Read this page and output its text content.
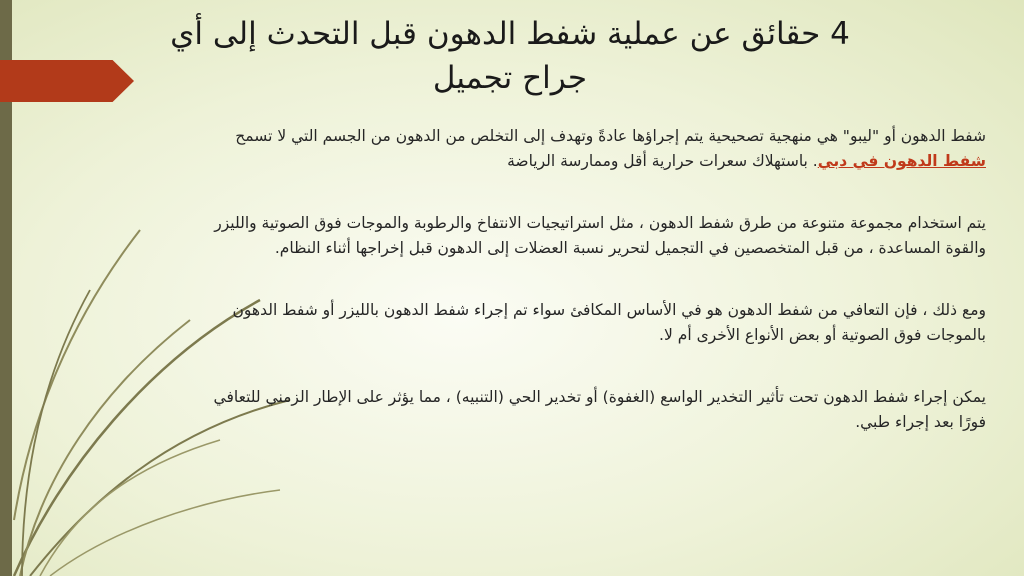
4 حقائق عن عملية شفط الدهون قبل التحدث إلى أي
جراح تجميل
شفط الدهون أو "ليبو" هي منهجية تصحيحية يتم إجراؤها عادةً وتهدف إلى التخلص من الدهون من الجسم التي لا تسمح
شفط الدهون في دبي. باستهلاك سعرات حرارية أقل وممارسة الرياضة
يتم استخدام مجموعة متنوعة من طرق شفط الدهون ، مثل استراتيجيات الانتفاخ والرطوبة والموجات فوق الصوتية والليزر
والقوة المساعدة ، من قبل المتخصصين في التجميل لتحرير نسبة العضلات إلى الدهون قبل إخراجها أثناء النظام.
ومع ذلك ، فإن التعافي من شفط الدهون هو في الأساس المكافئ سواء تم إجراء شفط الدهون بالليزر أو شفط الدهون
بالموجات فوق الصوتية أو بعض الأنواع الأخرى أم لا.
يمكن إجراء شفط الدهون تحت تأثير التخدير الواسع (الغفوة) أو تخدير الحي (التنبيه) ، مما يؤثر على الإطار الزمني للتعافي
فورًا بعد إجراء طبي.
